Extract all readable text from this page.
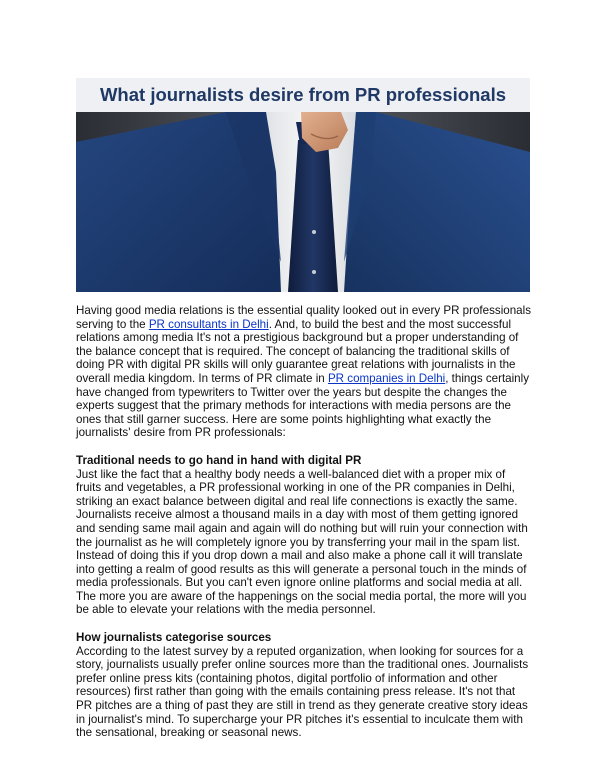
What journalists desire from PR professionals

Having good media relations is the essential quality looked out in every PR professionals serving to the PR consultants in Delhi. And, to build the best and the most successful relations among media It's not a prestigious background but a proper understanding of the balance concept that is required. The concept of balancing the traditional skills of doing PR with digital PR skills will only guarantee great relations with journalists in the overall media kingdom. In terms of PR climate in PR companies in Delhi, things certainly have changed from typewriters to Twitter over the years but despite the changes the experts suggest that the primary methods for interactions with media persons are the ones that still garner success. Here are some points highlighting what exactly the journalists' desire from PR professionals:

Traditional needs to go hand in hand with digital PR

Just like the fact that a healthy body needs a well-balanced diet with a proper mix of fruits and vegetables, a PR professional working in one of the PR companies in Delhi, striking an exact balance between digital and real life connections is exactly the same. Journalists receive almost a thousand mails in a day with most of them getting ignored and sending same mail again and again will do nothing but will ruin your connection with the journalist as he will completely ignore you by transferring your mail in the spam list. Instead of doing this if you drop down a mail and also make a phone call it will translate into getting a realm of good results as this will generate a personal touch in the minds of media professionals. But you can't even ignore online platforms and social media at all. The more you are aware of the happenings on the social media portal, the more will you be able to elevate your relations with the media personnel.

How journalists categorise sources

According to the latest survey by a reputed organization, when looking for sources for a story, journalists usually prefer online sources more than the traditional ones. Journalists prefer online press kits (containing photos, digital portfolio of information and other resources) first rather than going with the emails containing press release. It's not that PR pitches are a thing of past they are still in trend as they generate creative story ideas in journalist's mind. To supercharge your PR pitches it's essential to inculcate them with the sensational, breaking or seasonal news.
